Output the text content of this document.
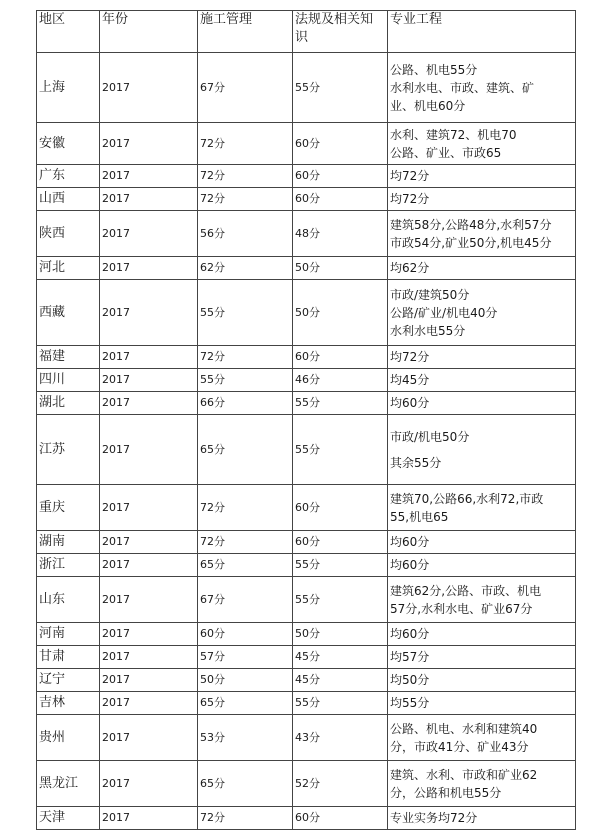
地区	年份	施工管理	法规及相关知识	专业工程
上海	2017	67分	55分	公路、机电55分
水利水电、市政、建筑、矿
业、机电60分

安徽	2017	72分	60分	水利、建筑72、机电70
公路、矿业、市政65

广东	2017	72分	60分	均72分

山西	2017	72分	60分	均72分

陕西	2017	56分	48分	建筑58分,公路48分,水利57分
市政54分,矿业50分,机电45分

河北	2017	62分	50分	均62分

西藏	2017	55分	50分	市政/建筑50分
公路/矿业/机电40分
水利水电55分

福建	2017	72分	60分	均72分

四川	2017	55分	46分	均45分

湖北	2017	66分	55分	均60分

江苏	2017	65分	55分	市政/机电50分
其余55分

重庆	2017	72分	60分	建筑70,公路66,水利72,市政
55,机电65

湖南	2017	72分	60分	均60分

浙江	2017	65分	55分	均60分

山东	2017	67分	55分	建筑62分,公路、市政、机电
57分,水利水电、矿业67分

河南	2017	60分	50分	均60分

甘肃	2017	57分	45分	均57分

辽宁	2017	50分	45分	均50分

吉林	2017	65分	55分	均55分

贵州	2017	53分	43分	公路、机电、水利和建筑40
分，市政41分、矿业43分

黑龙江	2017	65分	52分	建筑、水利、市政和矿业62
分，公路和机电55分

天津	2017	72分	60分	专业实务均72分
